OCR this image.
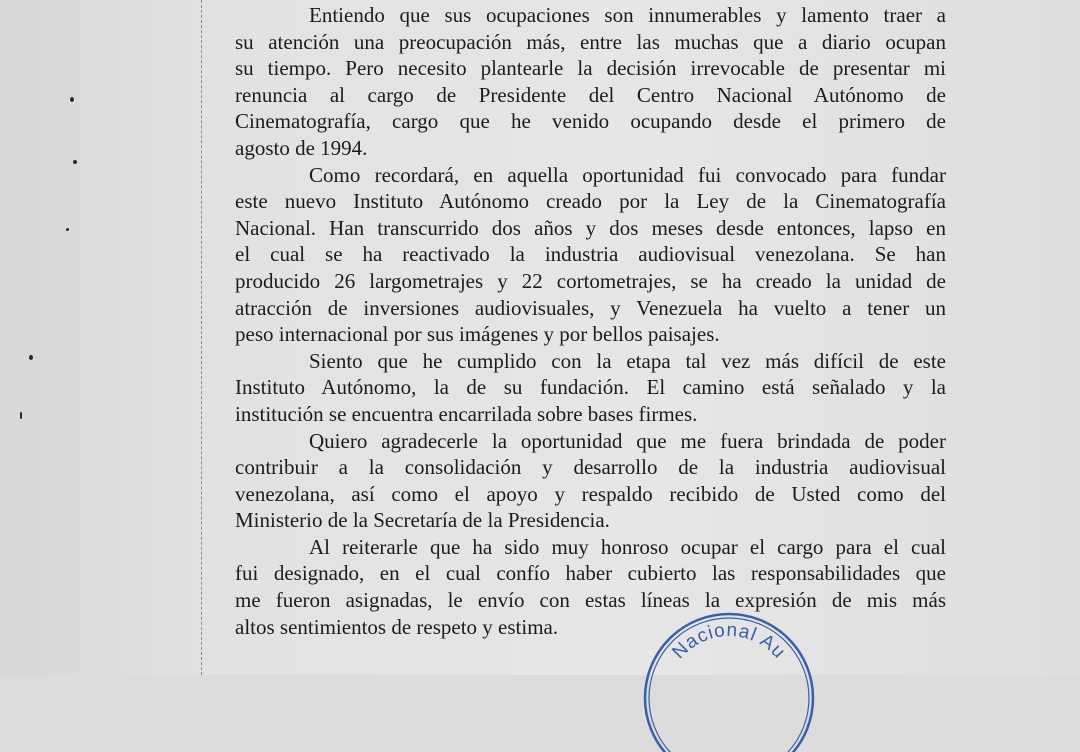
Entiendo que sus ocupaciones son innumerables y lamento traer a
su atención una preocupación más, entre las muchas que a diario ocupan
su tiempo. Pero necesito plantearle la decisión irrevocable de presentar mi
renuncia al cargo de Presidente del Centro Nacional Autónomo de
Cinematografía, cargo que he venido ocupando desde el primero de
agosto de 1994.
Como recordará, en aquella oportunidad fui convocado para fundar
este nuevo Instituto Autónomo creado por la Ley de la Cinematografía
Nacional. Han transcurrido dos años y dos meses desde entonces, lapso en
el cual se ha reactivado la industria audiovisual venezolana. Se han
producido 26 largometrajes y 22 cortometrajes, se ha creado la unidad de
atracción de inversiones audiovisuales, y Venezuela ha vuelto a tener un
peso internacional por sus imágenes y por bellos paisajes.
Siento que he cumplido con la etapa tal vez más difícil de este
Instituto Autónomo, la de su fundación. El camino está señalado y la
institución se encuentra encarrilada sobre bases firmes.
Quiero agradecerle la oportunidad que me fuera brindada de poder
contribuir a la consolidación y desarrollo de la industria audiovisual
venezolana, así como el apoyo y respaldo recibido de Usted como del
Ministerio de la Secretaría de la Presidencia.
Al reiterarle que ha sido muy honroso ocupar el cargo para el cual
fui designado, en el cual confío haber cubierto las responsabilidades que
me fueron asignadas, le envío con estas líneas la expresión de mis más
altos sentimientos de respeto y estima.
Nacional Au
